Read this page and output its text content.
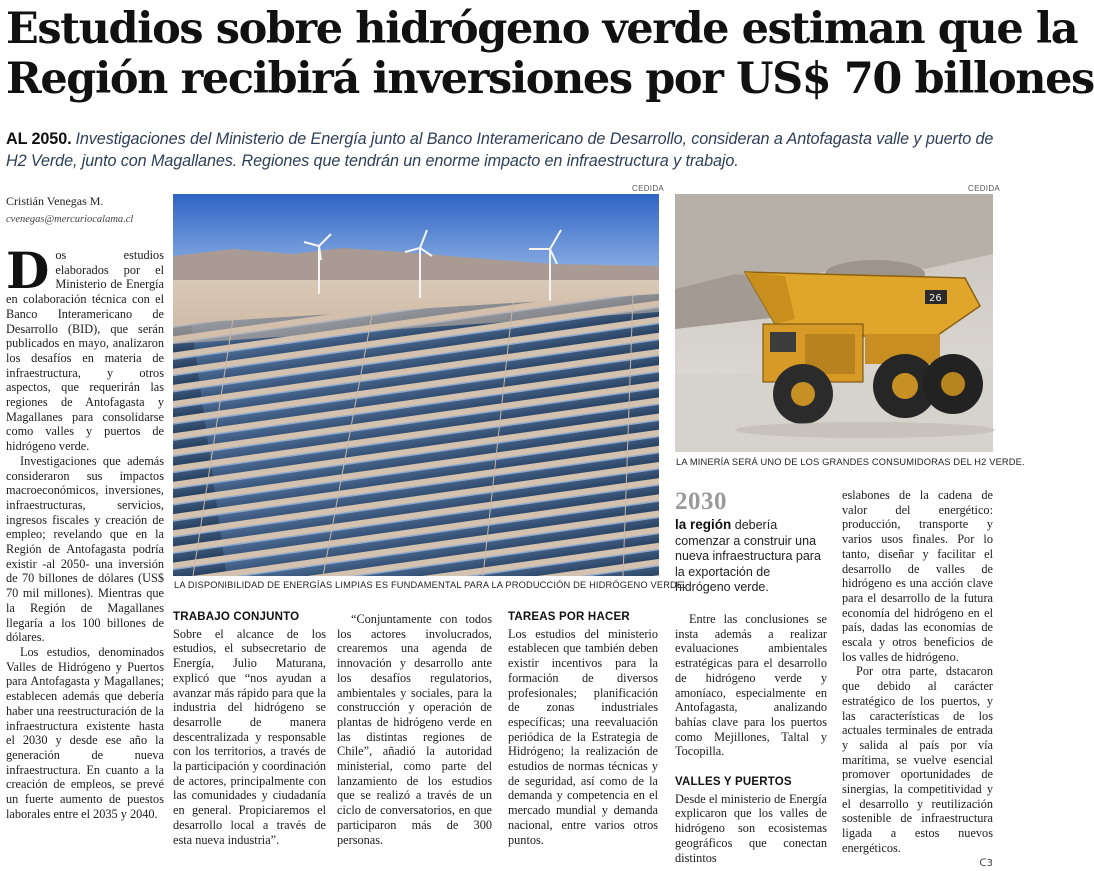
Estudios sobre hidrógeno verde estiman que la
Región recibirá inversiones por US$ 70 billones
AL 2050. Investigaciones del Ministerio de Energía junto al Banco Interamericano de Desarrollo, consideran a Antofagasta valle y puerto de H2 Verde, junto con Magallanes. Regiones que tendrán un enorme impacto en infraestructura y trabajo.
Cristián Venegas M.
cvenegas@mercuriocalama.cl
CEDIDA
LA DISPONIBILIDAD DE ENERGÍAS LIMPIAS ES FUNDAMENTAL PARA LA PRODUCCIÓN DE HIDRÓGENO VERDE.
CEDIDA
26
LA MINERÍA SERÁ UNO DE LOS GRANDES CONSUMIDORAS DEL H2 VERDE.

Dos estudios elaborados por el Ministerio de Energía en colaboración técnica con el Banco Interamericano de Desarrollo (BID), que serán publicados en mayo, analizaron los desafíos en materia de infraestructura, y otros aspectos, que requerirán las regiones de Antofagasta y Magallanes para consolidarse como valles y puertos de hidrógeno verde.

Investigaciones que además consideraron sus impactos macroeconómicos, inversiones, infraestructuras, servicios, ingresos fiscales y creación de empleo; revelando que en la Región de Antofagasta podría existir -al 2050- una inversión de 70 billones de dólares (US$ 70 mil millones). Mientras que la Región de Magallanes llegaría a los 100 billones de dólares.

Los estudios, denominados Valles de Hidrógeno y Puertos para Antofagasta y Magallanes; establecen además que debería haber una reestructuración de la infraestructura existente hasta el 2030 y desde ese año la generación de nueva infraestructura. En cuanto a la creación de empleos, se prevé un fuerte aumento de puestos laborales entre el 2035 y 2040.

TRABAJO CONJUNTO

Sobre el alcance de los estudios, el subsecretario de Energía, Julio Maturana, explicó que “nos ayudan a avanzar más rápido para que la industria del hidrógeno se desarrolle de manera descentralizada y responsable con los territorios, a través de la participación y coordinación de actores, principalmente con las comunidades y ciudadanía en general. Propiciaremos el desarrollo local a través de esta nueva industria”.

“Conjuntamente con todos los actores involucrados, crearemos una agenda de innovación y desarrollo ante los desafíos regulatorios, ambientales y sociales, para la construcción y operación de plantas de hidrógeno verde en las distintas regiones de Chile”, añadió la autoridad ministerial, como parte del lanzamiento de los estudios que se realizó a través de un ciclo de conversatorios, en que participaron más de 300 personas.

TAREAS POR HACER

Los estudios del ministerio establecen que también deben existir incentivos para la formación de diversos profesionales; planificación de zonas industriales específicas; una reevaluación periódica de la Estrategia de Hidrógeno; la realización de estudios de normas técnicas y de seguridad, así como de la demanda y competencia en el mercado mundial y demanda nacional, entre varios otros puntos.

2030
la región debería comenzar a construir una nueva infraestructura para la exportación de hidrógeno verde.

Entre las conclusiones se insta además a realizar evaluaciones ambientales estratégicas para el desarrollo de hidrógeno verde y amoníaco, especialmente en Antofagasta, analizando bahías clave para los puertos como Mejillones, Taltal y Tocopilla.

VALLES Y PUERTOS

Desde el ministerio de Energía explicaron que los valles de hidrógeno son ecosistemas geográficos que conectan distintos

eslabones de la cadena de valor del energético: producción, transporte y varios usos finales. Por lo tanto, diseñar y facilitar el desarrollo de valles de hidrógeno es una acción clave para el desarrollo de la futura economía del hidrógeno en el país, dadas las economías de escala y otros beneficios de los valles de hidrógeno.

Por otra parte, dstacaron que debido al carácter estratégico de los puertos, y las características de los actuales terminales de entrada y salida al país por vía marítima, se vuelve esencial promover oportunidades de sinergias, la competitividad y el desarrollo y reutilización sostenible de infraestructura ligada a estos nuevos energéticos.

ᑕ3
